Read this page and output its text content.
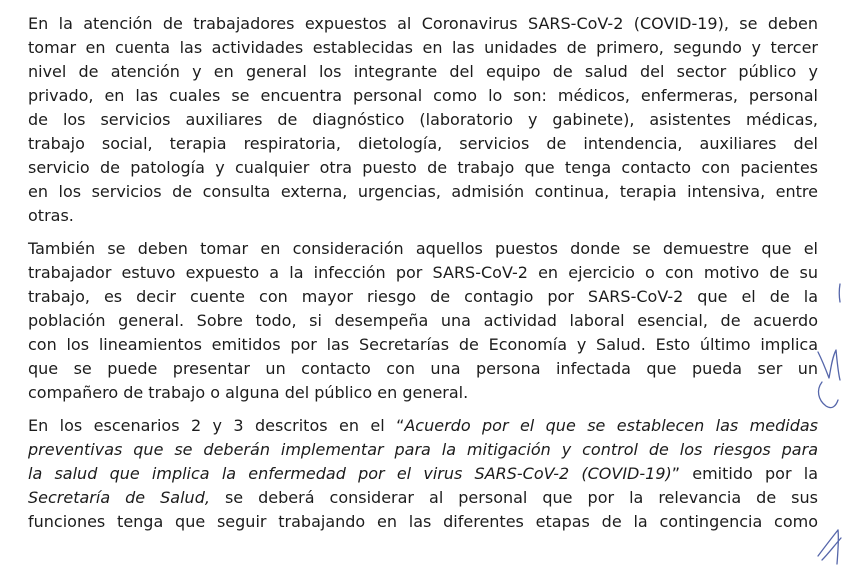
En la atención de trabajadores expuestos al Coronavirus SARS-CoV-2 (COVID-19), se deben
tomar en cuenta las actividades establecidas en las unidades de primero, segundo y tercer
nivel de atención y en general los integrante del equipo de salud del sector público y
privado, en las cuales se encuentra personal como lo son: médicos, enfermeras, personal
de los servicios auxiliares de diagnóstico (laboratorio y gabinete), asistentes médicas,
trabajo social, terapia respiratoria, dietología, servicios de intendencia, auxiliares del
servicio de patología y cualquier otra puesto de trabajo que tenga contacto con pacientes
en los servicios de consulta externa, urgencias, admisión continua, terapia intensiva, entre
otras.

También se deben tomar en consideración aquellos puestos donde se demuestre que el
trabajador estuvo expuesto a la infección por SARS-CoV-2 en ejercicio o con motivo de su
trabajo, es decir cuente con mayor riesgo de contagio por SARS-CoV-2 que el de la
población general. Sobre todo, si desempeña una actividad laboral esencial, de acuerdo
con los lineamientos emitidos por las Secretarías de Economía y Salud. Esto último implica
que se puede presentar un contacto con una persona infectada que pueda ser un
compañero de trabajo o alguna del público en general.

En los escenarios 2 y 3 descritos en el “Acuerdo por el que se establecen las medidas
preventivas que se deberán implementar para la mitigación y control de los riesgos para
la salud que implica la enfermedad por el virus SARS-CoV-2 (COVID-19)” emitido por la
Secretaría de Salud, se deberá considerar al personal que por la relevancia de sus
funciones tenga que seguir trabajando en las diferentes etapas de la contingencia como
